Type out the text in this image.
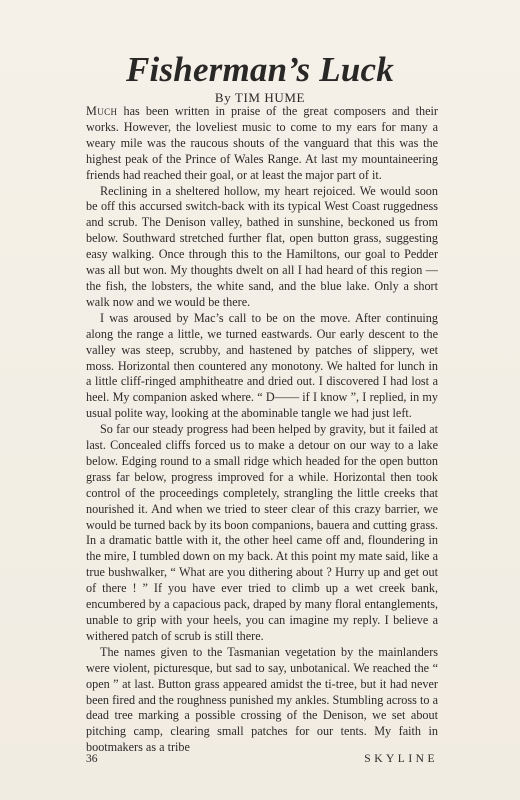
Fisherman’s Luck
By TIM HUME

Much has been written in praise of the great composers and their works. However, the loveliest music to come to my ears for many a weary mile was the raucous shouts of the vanguard that this was the highest peak of the Prince of Wales Range. At last my mountaineering friends had reached their goal, or at least the major part of it.

Reclining in a sheltered hollow, my heart rejoiced. We would soon be off this accursed switch-back with its typical West Coast ruggedness and scrub. The Denison valley, bathed in sunshine, beckoned us from below. Southward stretched further flat, open button grass, suggesting easy walking. Once through this to the Hamiltons, our goal to Pedder was all but won. My thoughts dwelt on all I had heard of this region — the fish, the lobsters, the white sand, and the blue lake. Only a short walk now and we would be there.

I was aroused by Mac’s call to be on the move. After continuing along the range a little, we turned eastwards. Our early descent to the valley was steep, scrubby, and hastened by patches of slippery, wet moss. Horizontal then countered any monotony. We halted for lunch in a little cliff-ringed amphitheatre and dried out. I discovered I had lost a heel. My companion asked where. “ D—— if I know ”, I replied, in my usual polite way, looking at the abominable tangle we had just left.

So far our steady progress had been helped by gravity, but it failed at last. Concealed cliffs forced us to make a detour on our way to a lake below. Edging round to a small ridge which headed for the open button grass far below, progress improved for a while. Horizontal then took control of the proceedings completely, strangling the little creeks that nourished it. And when we tried to steer clear of this crazy barrier, we would be turned back by its boon companions, bauera and cutting grass. In a dramatic battle with it, the other heel came off and, floundering in the mire, I tumbled down on my back. At this point my mate said, like a true bushwalker, “ What are you dithering about ? Hurry up and get out of there ! ” If you have ever tried to climb up a wet creek bank, encumbered by a capacious pack, draped by many floral entanglements, unable to grip with your heels, you can imagine my reply. I believe a withered patch of scrub is still there.

The names given to the Tasmanian vegetation by the mainlanders were violent, picturesque, but sad to say, unbotanical. We reached the “ open ” at last. Button grass appeared amidst the ti-tree, but it had never been fired and the roughness punished my ankles. Stumbling across to a dead tree marking a possible crossing of the Denison, we set about pitching camp, clearing small patches for our tents. My faith in bootmakers as a tribe

36	SKYLINE
